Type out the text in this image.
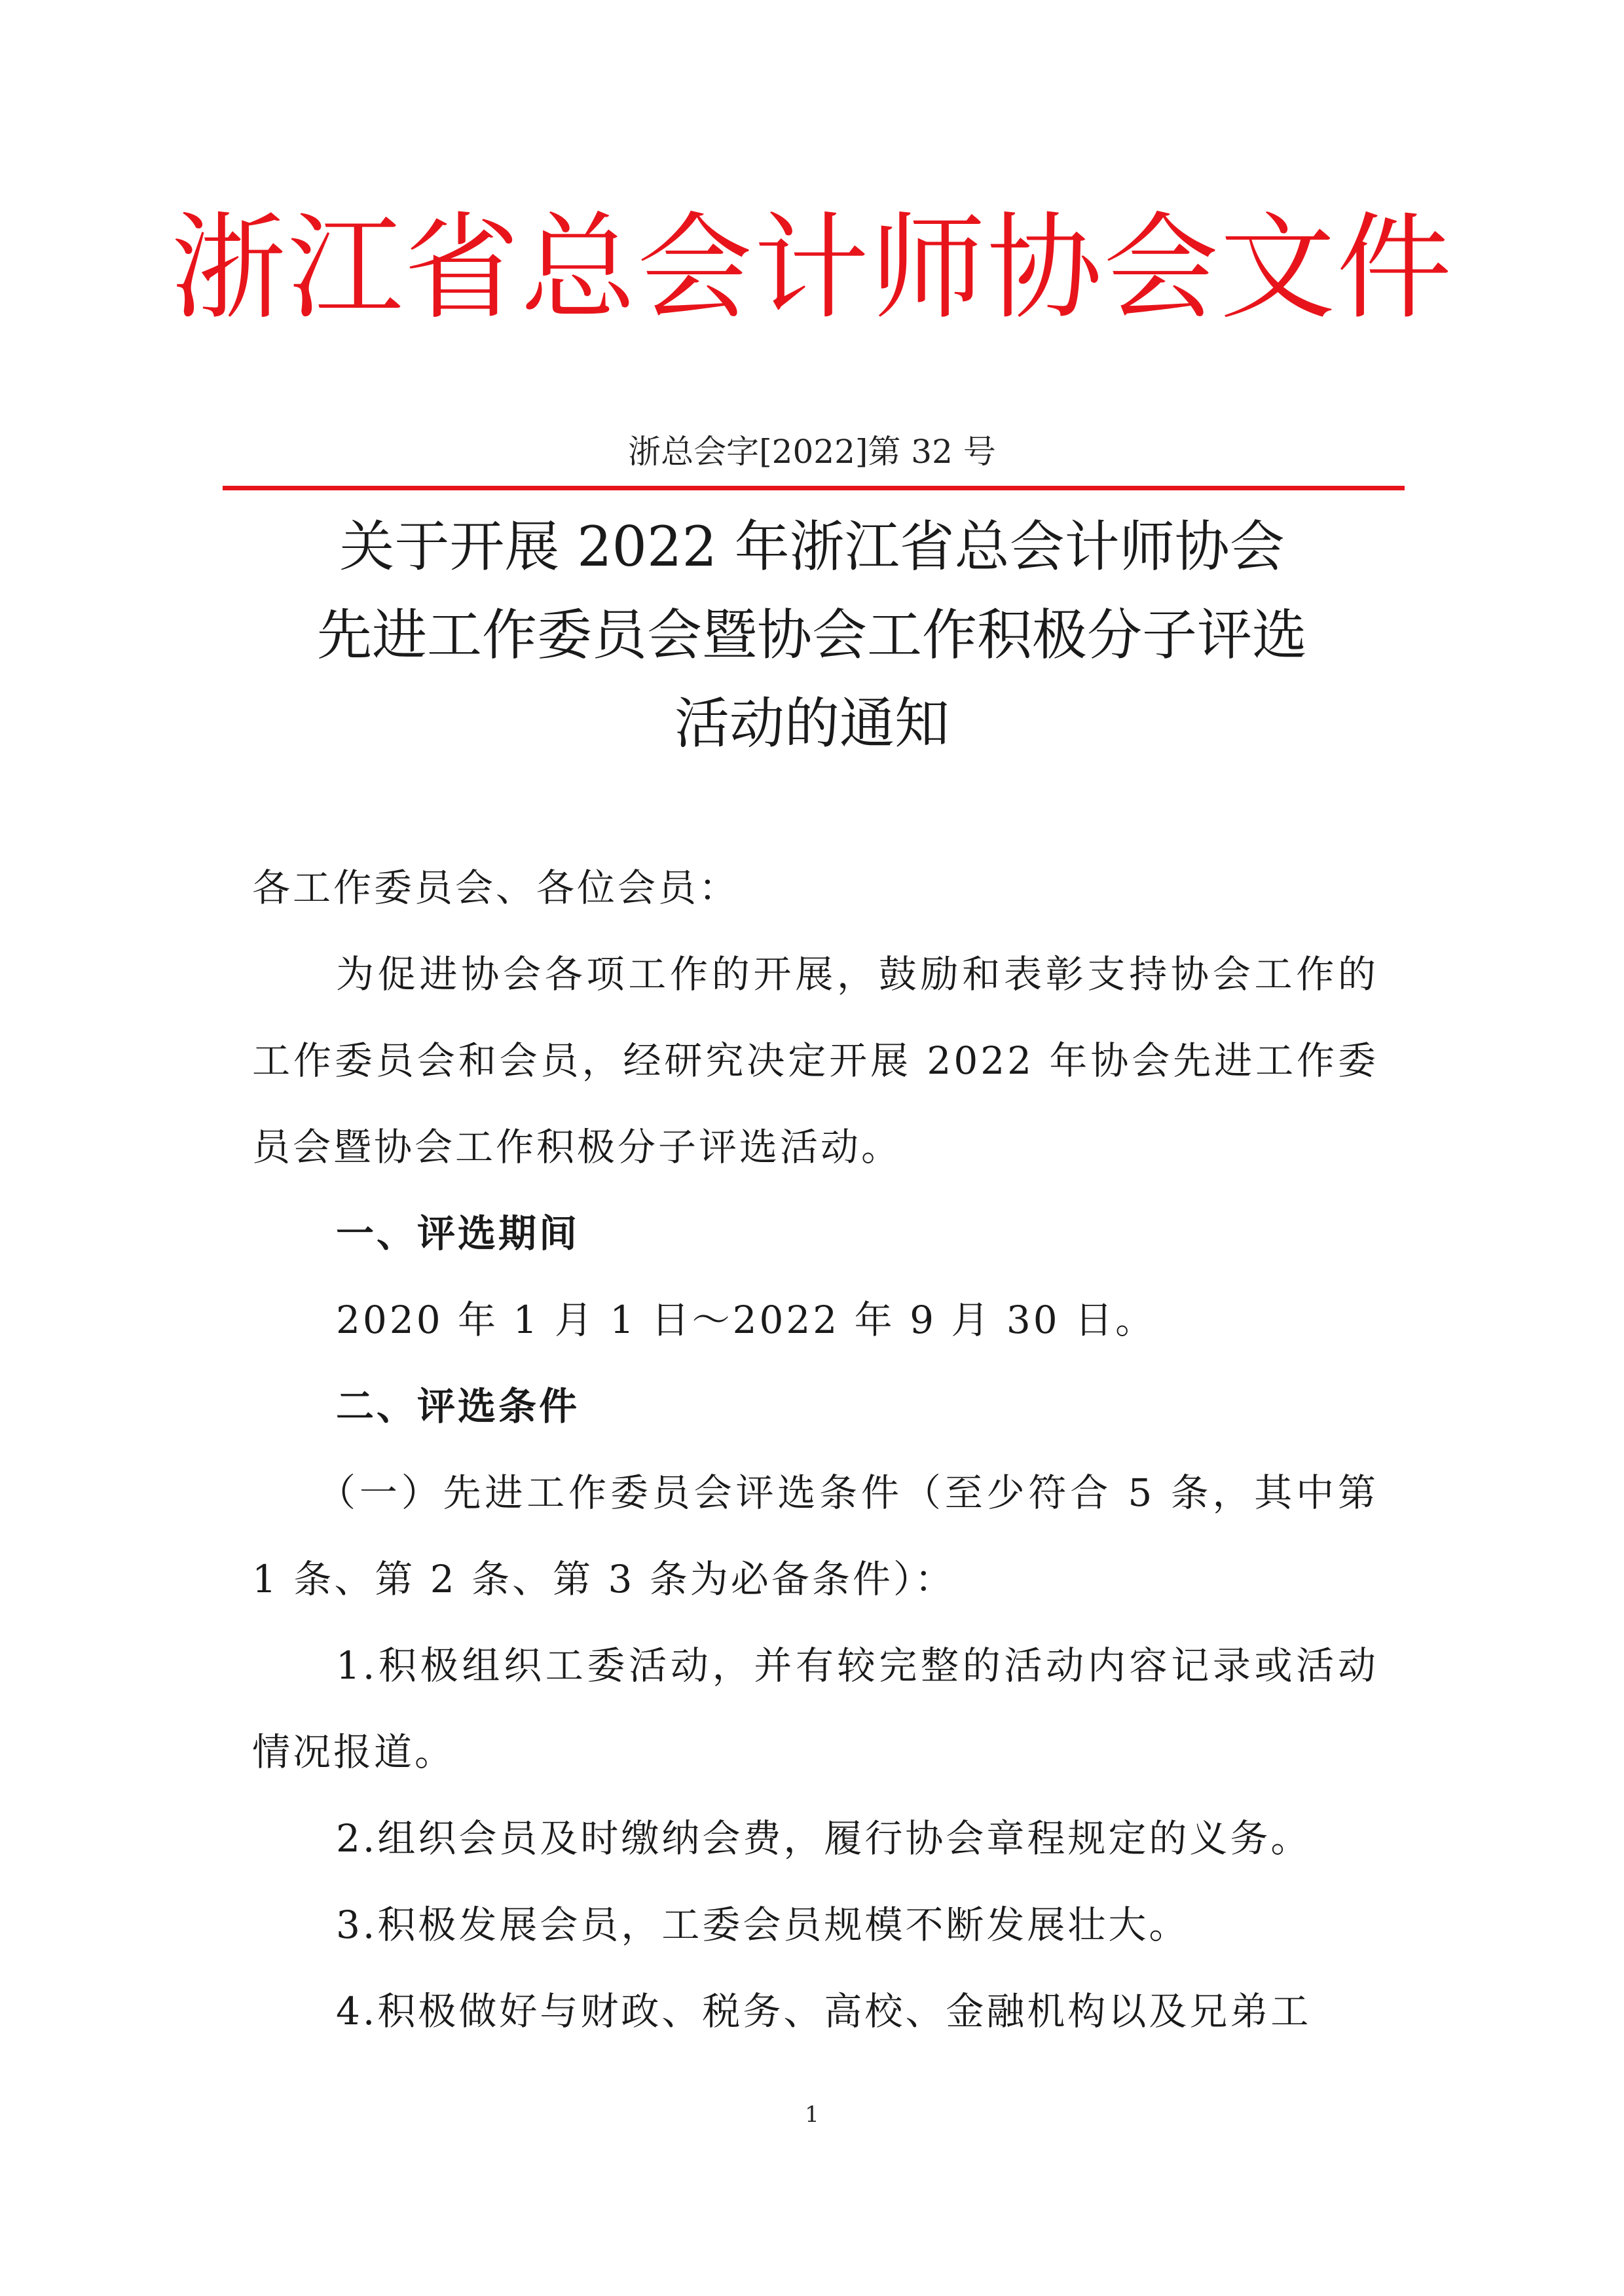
浙江省总会计师协会文件
浙总会字[2022]第 32 号
关于开展 2022 年浙江省总会计师协会
先进工作委员会暨协会工作积极分子评选
活动的通知
各工作委员会、各位会员：

为促进协会各项工作的开展，鼓励和表彰支持协会工作的工作委员会和会员，经研究决定开展 2022 年协会先进工作委员会暨协会工作积极分子评选活动。

一、评选期间

2020 年 1 月 1 日～2022 年 9 月 30 日。

二、评选条件

（一）先进工作委员会评选条件（至少符合 5 条，其中第 1 条、第 2 条、第 3 条为必备条件）：

1.积极组织工委活动，并有较完整的活动内容记录或活动情况报道。

2.组织会员及时缴纳会费，履行协会章程规定的义务。

3.积极发展会员，工委会员规模不断发展壮大。

4.积极做好与财政、税务、高校、金融机构以及兄弟工

1
